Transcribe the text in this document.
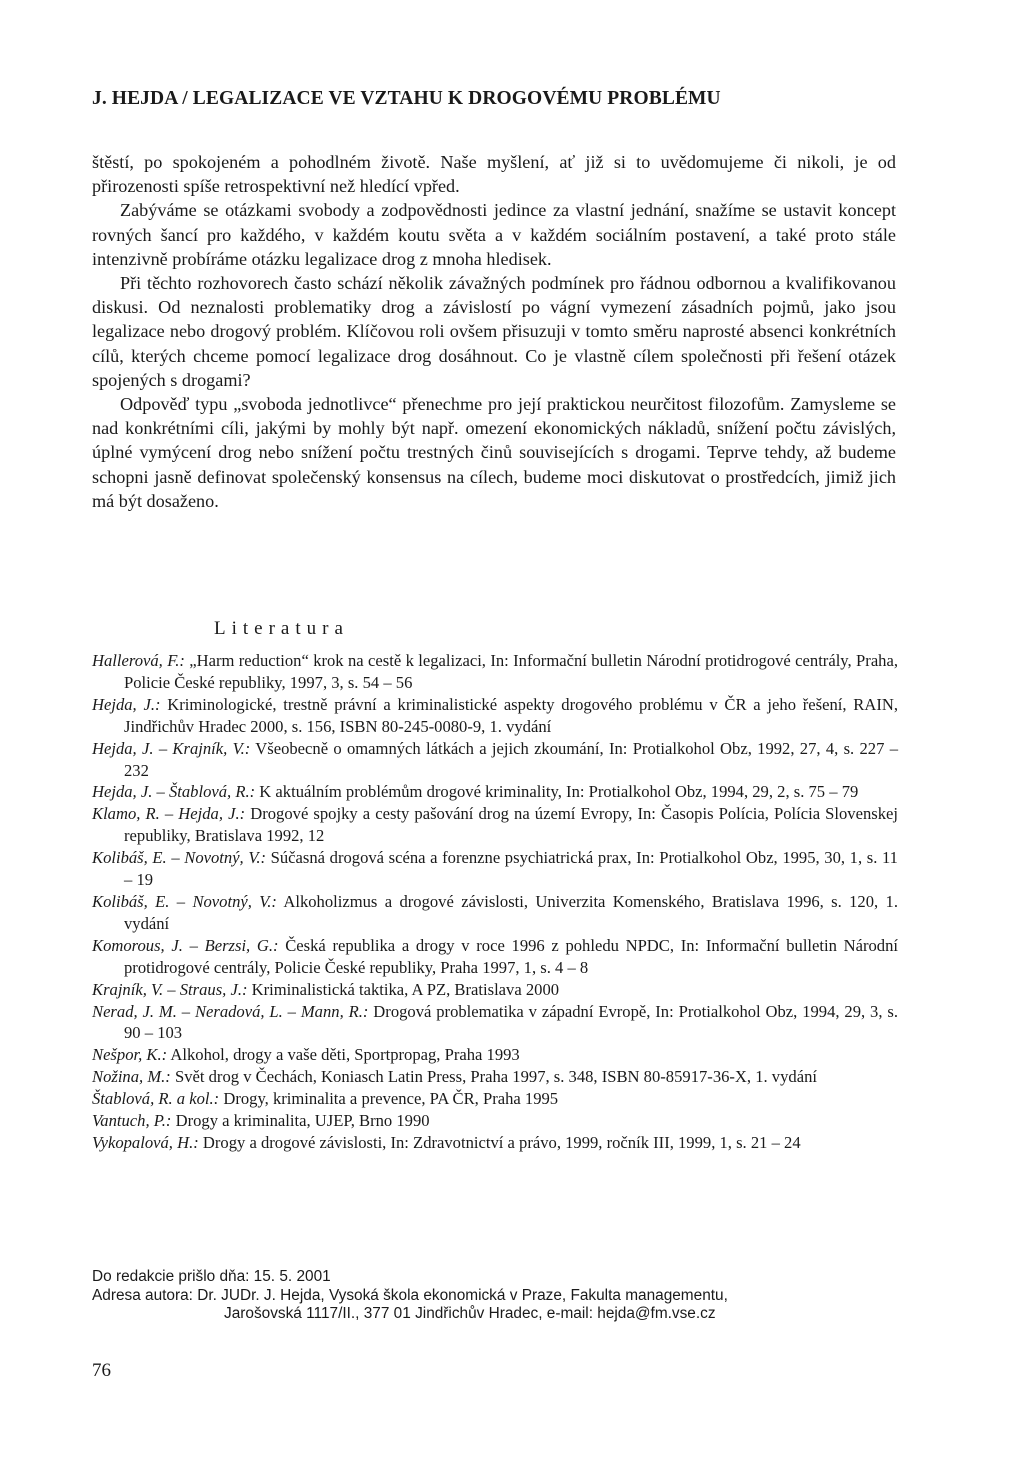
J. HEJDA / LEGALIZACE VE VZTAHU K DROGOVÉMU PROBLÉMU

štěstí, po spokojeném a pohodlném životě. Naše myšlení, ať již si to uvědomujeme či nikoli, je od přirozenosti spíše retrospektivní než hledící vpřed.

Zabýváme se otázkami svobody a zodpovědnosti jedince za vlastní jednání, snažíme se ustavit koncept rovných šancí pro každého, v každém koutu světa a v každém sociálním postavení, a také proto stále intenzivně probíráme otázku legalizace drog z mnoha hledisek.

Při těchto rozhovorech často schází několik závažných podmínek pro řádnou odbornou a kvalifikovanou diskusi. Od neznalosti problematiky drog a závislostí po vágní vymezení zásadních pojmů, jako jsou legalizace nebo drogový problém. Klíčovou roli ovšem přisuzuji v tomto směru naprosté absenci konkrétních cílů, kterých chceme pomocí legalizace drog dosáhnout. Co je vlastně cílem společnosti při řešení otázek spojených s drogami?

Odpověď typu „svoboda jednotlivce“ přenechme pro její praktickou neurčitost filozofům. Zamysleme se nad konkrétními cíli, jakými by mohly být např. omezení ekonomických nákladů, snížení počtu závislých, úplné vymýcení drog nebo snížení počtu trestných činů souvisejících s drogami. Teprve tehdy, až budeme schopni jasně definovat společenský konsensus na cílech, budeme moci diskutovat o prostředcích, jimiž jich má být dosaženo.

Literatura
Hallerová, F.: „Harm reduction“ krok na cestě k legalizaci, In: Informační bulletin Národní protidrogové centrály, Praha, Policie České republiky, 1997, 3, s. 54 – 56
Hejda, J.: Kriminologické, trestně právní a kriminalistické aspekty drogového problému v ČR a jeho řešení, RAIN, Jindřichův Hradec 2000, s. 156, ISBN 80-245-0080-9, 1. vydání
Hejda, J. – Krajník, V.: Všeobecně o omamných látkách a jejich zkoumání, In: Protialkohol Obz, 1992, 27, 4, s. 227 – 232
Hejda, J. – Štablová, R.: K aktuálním problémům drogové kriminality, In: Protialkohol Obz, 1994, 29, 2, s. 75 – 79
Klamo, R. – Hejda, J.: Drogové spojky a cesty pašování drog na území Evropy, In: Časopis Polícia, Polícia Slovenskej republiky, Bratislava 1992, 12
Kolibáš, E. – Novotný, V.: Súčasná drogová scéna a forenzne psychiatrická prax, In: Protialkohol Obz, 1995, 30, 1, s. 11 – 19
Kolibáš, E. – Novotný, V.: Alkoholizmus a drogové závislosti, Univerzita Komenského, Bratislava 1996, s. 120, 1. vydání
Komorous, J. – Berzsi, G.: Česká republika a drogy v roce 1996 z pohledu NPDC, In: Informační bulletin Národní protidrogové centrály, Policie České republiky, Praha 1997, 1, s. 4 – 8
Krajník, V. – Straus, J.: Kriminalistická taktika, A PZ, Bratislava 2000
Nerad, J. M. – Neradová, L. – Mann, R.: Drogová problematika v západní Evropě, In: Protialkohol Obz, 1994, 29, 3, s. 90 – 103
Nešpor, K.: Alkohol, drogy a vaše děti, Sportpropag, Praha 1993
Nožina, M.: Svět drog v Čechách, Koniasch Latin Press, Praha 1997, s. 348, ISBN 80-85917-36-X, 1. vydání
Štablová, R. a kol.: Drogy, kriminalita a prevence, PA ČR, Praha 1995
Vantuch, P.: Drogy a kriminalita, UJEP, Brno 1990
Vykopalová, H.: Drogy a drogové závislosti, In: Zdravotnictví a právo, 1999, ročník III, 1999, 1, s. 21 – 24
Do redakcie prišlo dňa: 15. 5. 2001
Adresa autora: Dr. JUDr. J. Hejda, Vysoká škola ekonomická v Praze, Fakulta managementu,
Jarošovská 1117/II., 377 01 Jindřichův Hradec, e-mail: hejda@fm.vse.cz
76
